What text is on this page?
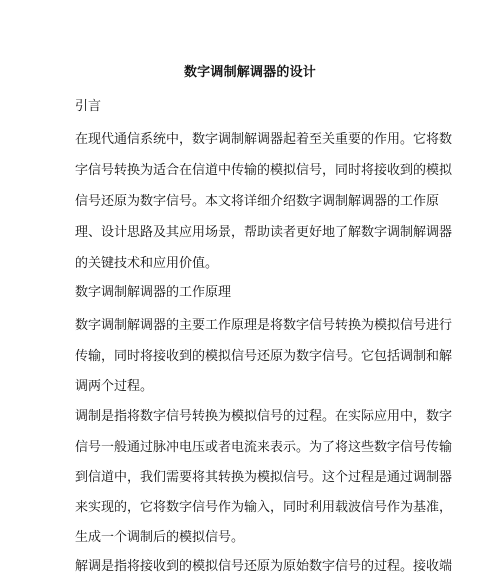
数字调制解调器的设计
引言
在现代通信系统中，数字调制解调器起着至关重要的作用。它将数
字信号转换为适合在信道中传输的模拟信号，同时将接收到的模拟
信号还原为数字信号。本文将详细介绍数字调制解调器的工作原
理、设计思路及其应用场景，帮助读者更好地了解数字调制解调器
的关键技术和应用价值。
数字调制解调器的工作原理
数字调制解调器的主要工作原理是将数字信号转换为模拟信号进行
传输，同时将接收到的模拟信号还原为数字信号。它包括调制和解
调两个过程。
调制是指将数字信号转换为模拟信号的过程。在实际应用中，数字
信号一般通过脉冲电压或者电流来表示。为了将这些数字信号传输
到信道中，我们需要将其转换为模拟信号。这个过程是通过调制器
来实现的，它将数字信号作为输入，同时利用载波信号作为基准，
生成一个调制后的模拟信号。
解调是指将接收到的模拟信号还原为原始数字信号的过程。接收端
